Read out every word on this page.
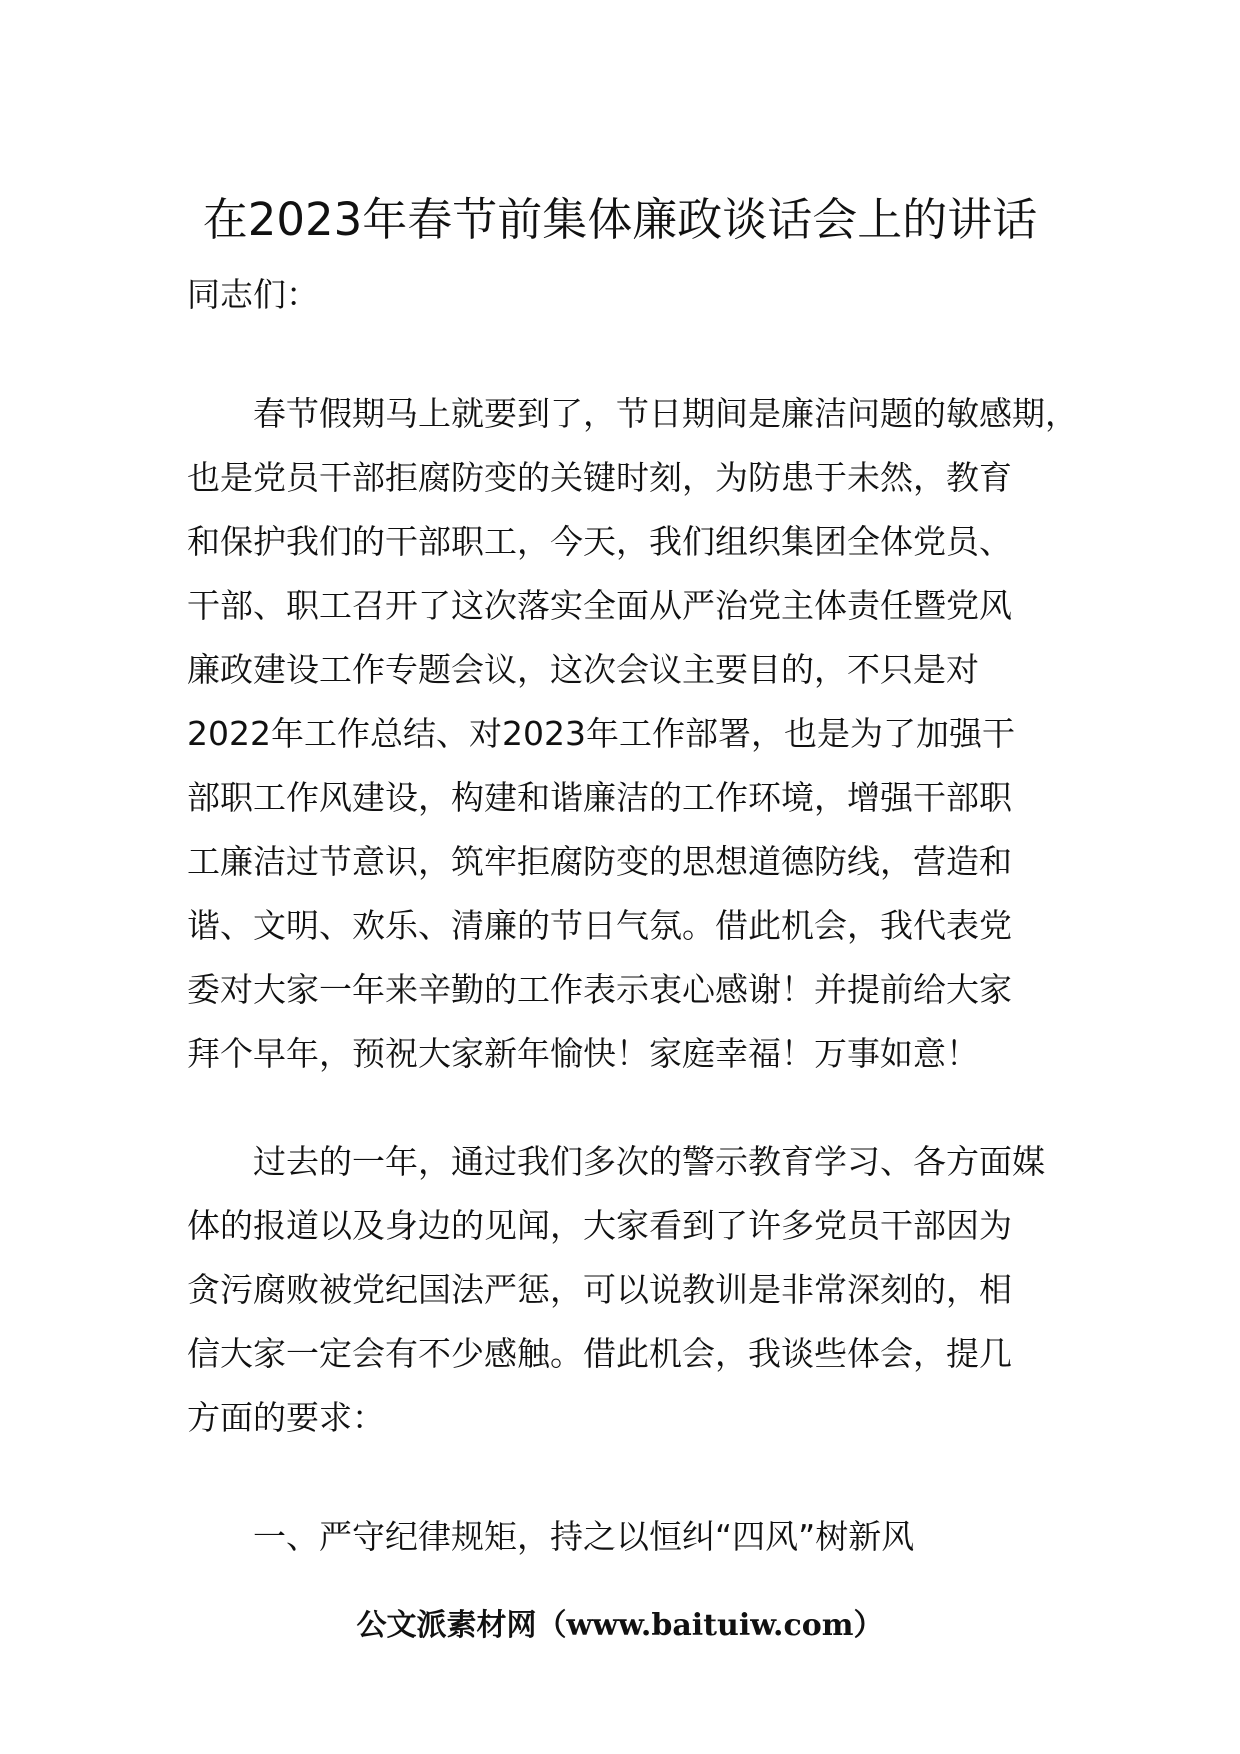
在2023年春节前集体廉政谈话会上的讲话
同志们：
春节假期马上就要到了，节日期间是廉洁问题的敏感期，
也是党员干部拒腐防变的关键时刻，为防患于未然，教育
和保护我们的干部职工，今天，我们组织集团全体党员、
干部、职工召开了这次落实全面从严治党主体责任暨党风
廉政建设工作专题会议，这次会议主要目的，不只是对
2022年工作总结、对2023年工作部署，也是为了加强干
部职工作风建设，构建和谐廉洁的工作环境，增强干部职
工廉洁过节意识，筑牢拒腐防变的思想道德防线，营造和
谐、文明、欢乐、清廉的节日气氛。借此机会，我代表党
委对大家一年来辛勤的工作表示衷心感谢！并提前给大家
拜个早年，预祝大家新年愉快！家庭幸福！万事如意！
过去的一年，通过我们多次的警示教育学习、各方面媒
体的报道以及身边的见闻，大家看到了许多党员干部因为
贪污腐败被党纪国法严惩，可以说教训是非常深刻的，相
信大家一定会有不少感触。借此机会，我谈些体会，提几
方面的要求：
一、严守纪律规矩，持之以恒纠“四风”树新风
公文派素材网（www.baituiw.com）
